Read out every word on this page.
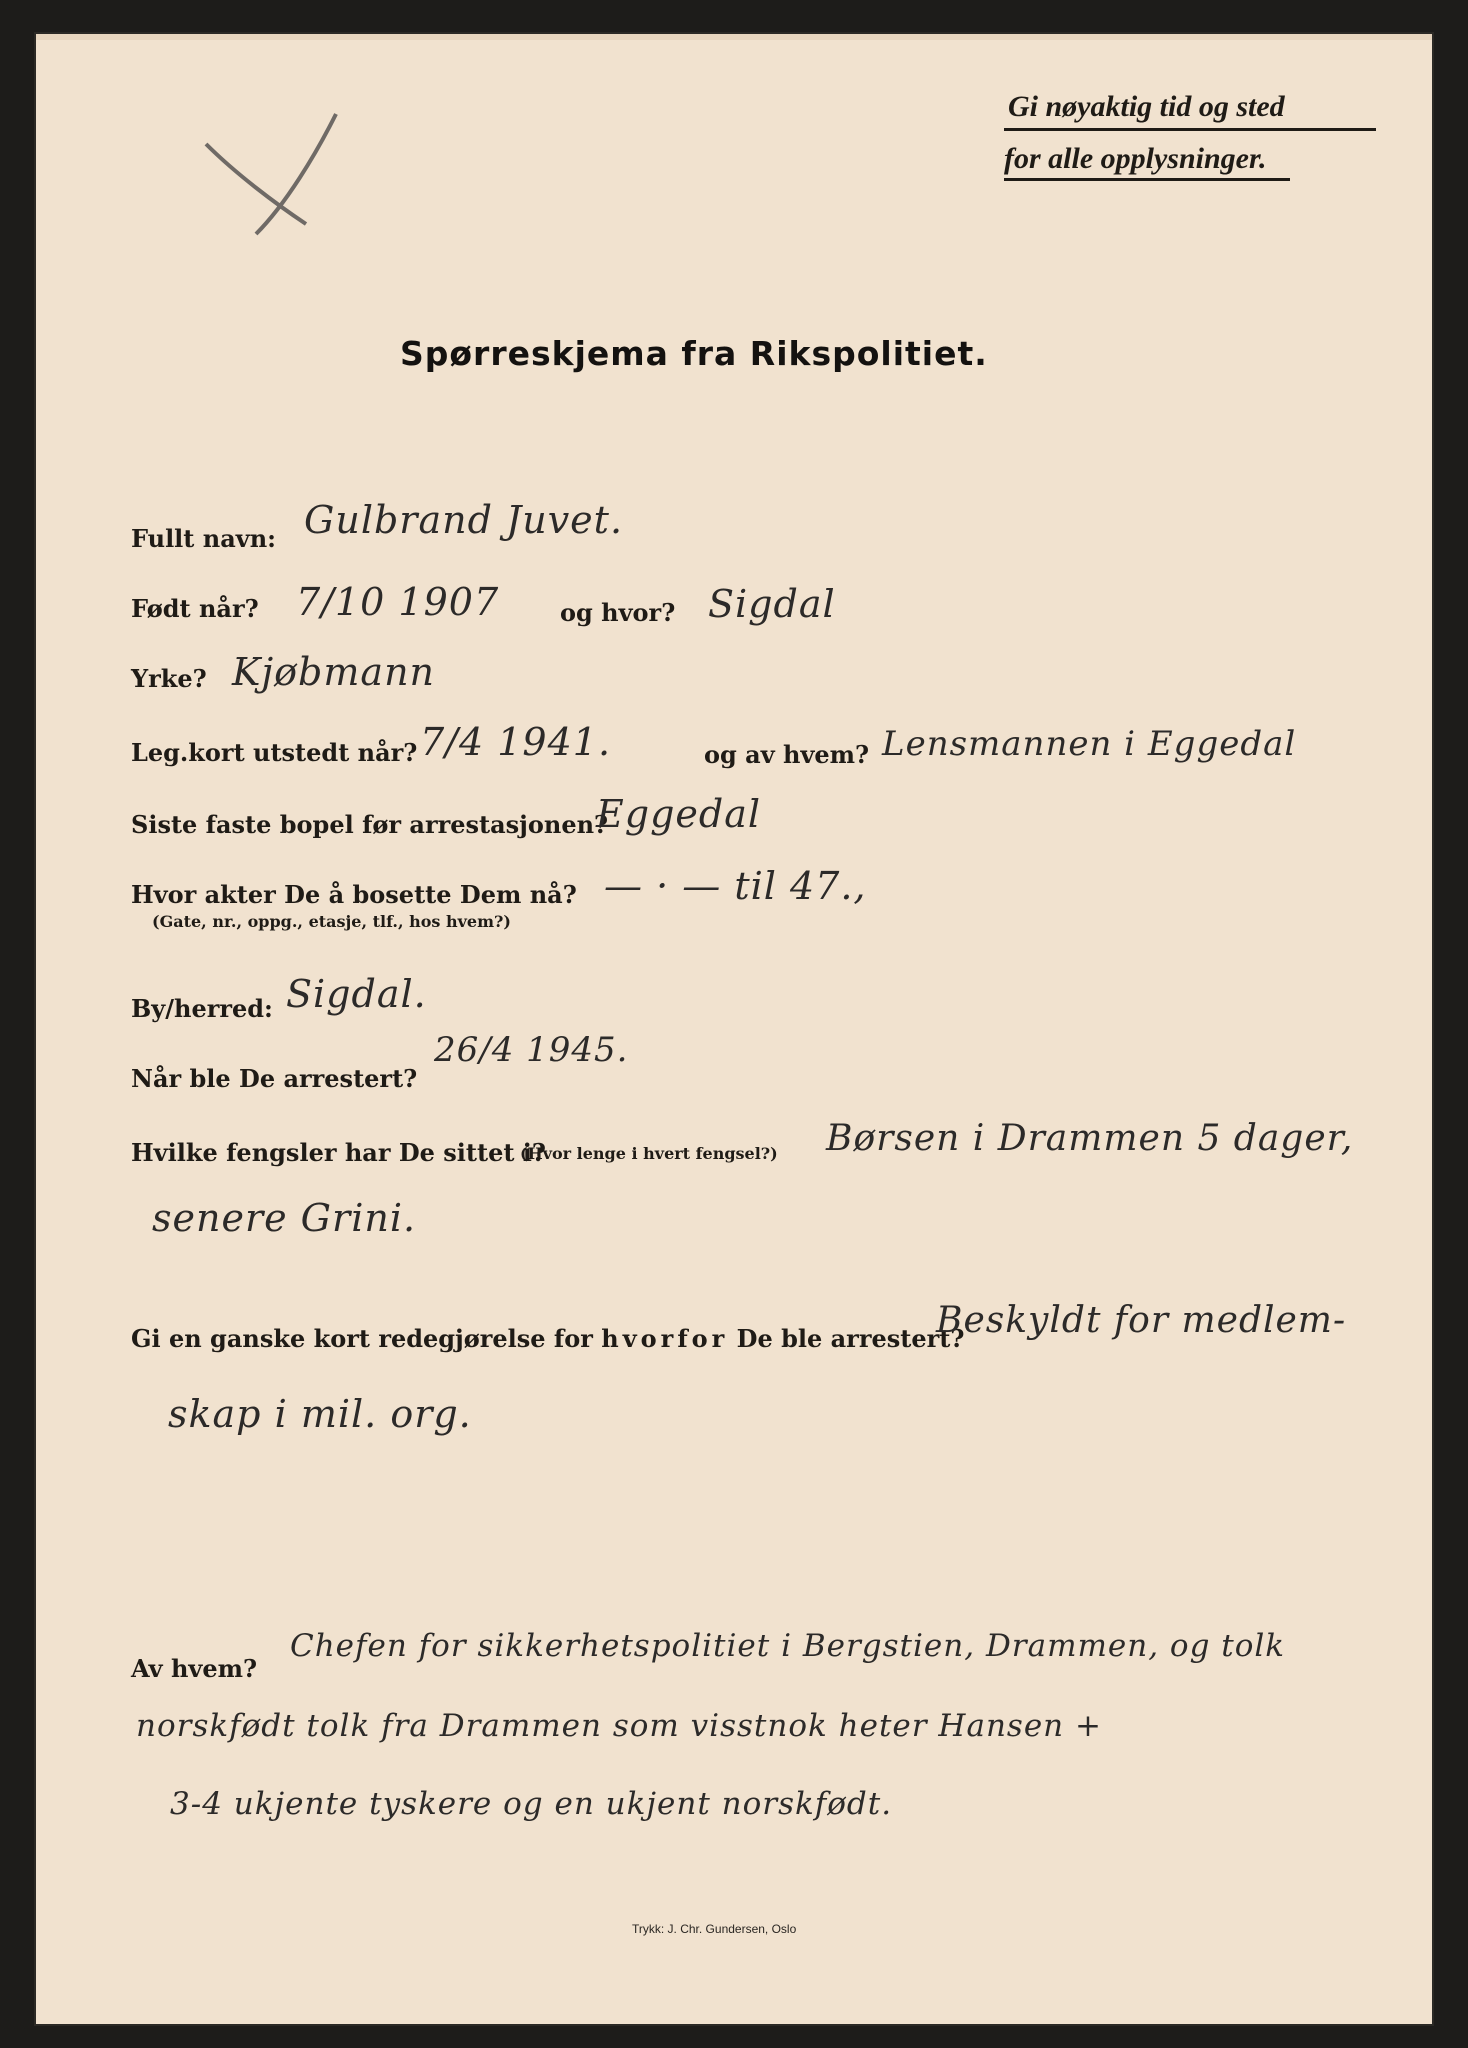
Gi nøyaktig tid og sted
for alle opplysninger.
Spørreskjema fra Rikspolitiet.
Fullt navn: Gulbrand Juvet.
Født når? 7/10 1907	og hvor? Sigdal
Yrke? Kjøbmann
Leg.kort utstedt når? 7/4 1941.	og av hvem? Lensmannen i Eggedal
Siste faste bopel før arrestasjonen?
Eggedal
Hvor akter De å bosette Dem nå?
(Gate, nr., oppg., etasje, tlf., hos hvem?)
— · — til 47.,
By/herred: Sigdal.
Når ble De arrestert?
26/4 1945.
Hvilke fengsler har De sittet i?
(Hvor lenge i hvert fengsel?) Børsen i Drammen 5 dager,
senere Grini.
Gi en ganske kort redegjørelse for hvorfor De ble arrestert?
Beskyldt for medlem-
skap i mil. org.
Av hvem?
Chefen for sikkerhetspolitiet i Bergstien, Drammen, og tolk
norskfødt tolk fra Drammen som visstnok heter Hansen +
3-4 ukjente tyskere og en ukjent norskfødt.
Trykk: J. Chr. Gundersen, Oslo
